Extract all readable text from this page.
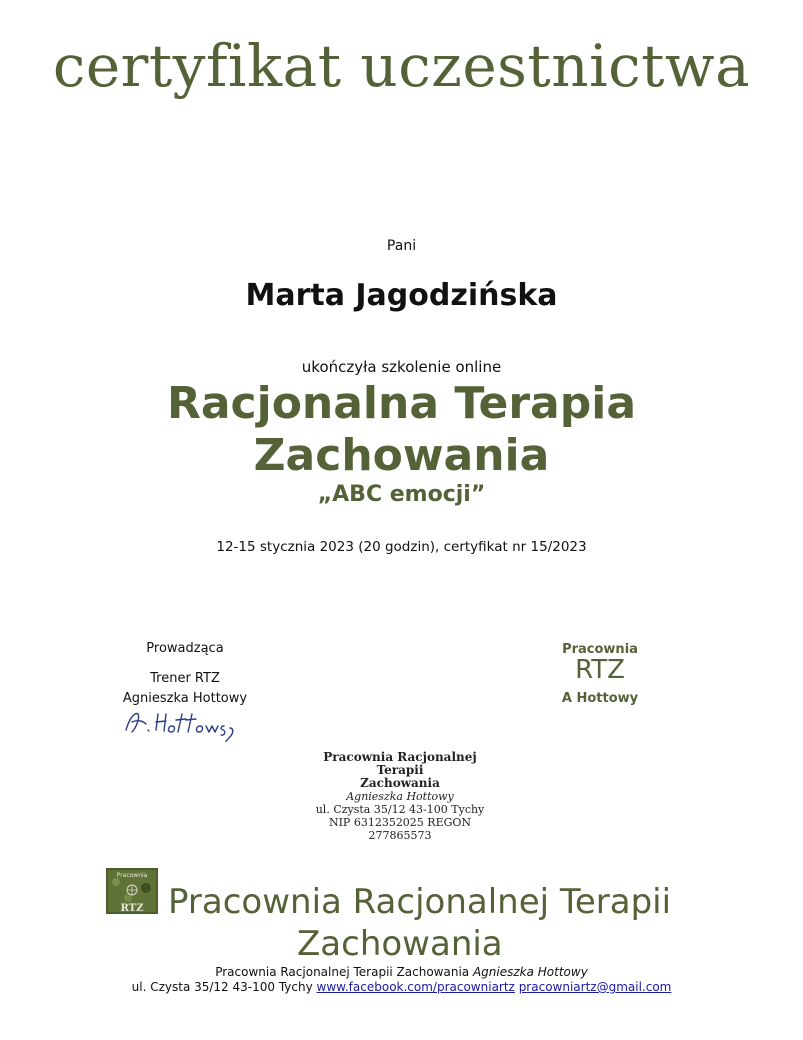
certyfikat uczestnictwa
Pani
Marta Jagodzińska
ukończyła szkolenie online
Racjonalna Terapia
Zachowania
„ABC emocji”
12-15 stycznia 2023 (20 godzin), certyfikat nr 15/2023
Prowadząca
Trener RTZ
Agnieszka Hottowy
Pracownia
RTZ
A Hottowy
Pracownia Racjonalnej Terapii
Zachowania
Agnieszka Hottowy
ul. Czysta 35/12 43-100 Tychy
NIP 6312352025 REGON 277865573
Pracownia
RTZ Pracownia Racjonalnej Terapii
Zachowania
Pracownia Racjonalnej Terapii Zachowania Agnieszka Hottowy
ul. Czysta 35/12 43-100 Tychy www.facebook.com/pracowniartz pracowniartz@gmail.com
